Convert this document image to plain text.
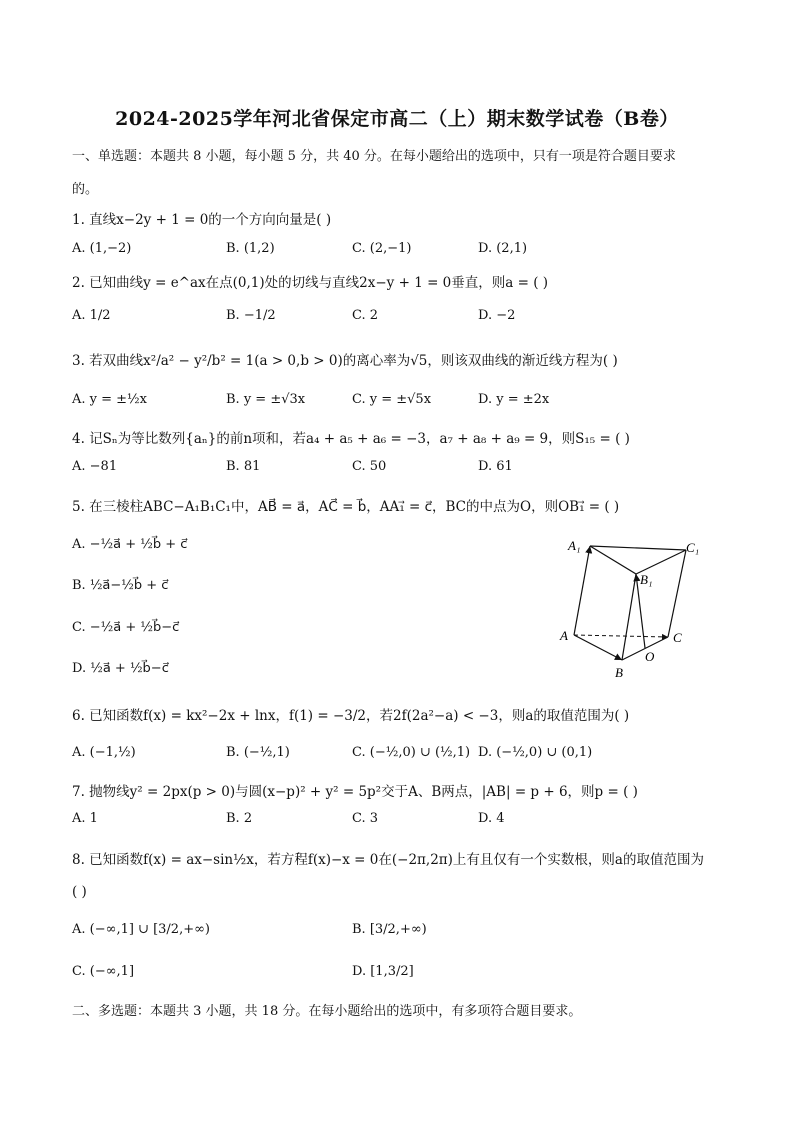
2024-2025学年河北省保定市高二（上）期末数学试卷（B卷）
一、单选题：本题共 8 小题，每小题 5 分，共 40 分。在每小题给出的选项中，只有一项是符合题目要求
的。
1. 直线x−2y + 1 = 0的一个方向向量是( )
A. (1,−2)	B. (1,2)	C. (2,−1)	D. (2,1)
2. 已知曲线y = e^ax在点(0,1)处的切线与直线2x−y + 1 = 0垂直，则a = ( )
A. 1/2	B. −1/2	C. 2	D. −2
3. 若双曲线x²/a² − y²/b² = 1(a > 0,b > 0)的离心率为√5，则该双曲线的渐近线方程为( )
A. y = ±½x	B. y = ±√3x	C. y = ±√5x	D. y = ±2x
4. 记Sₙ为等比数列{aₙ}的前n项和，若a₄ + a₅ + a₆ = −3，a₇ + a₈ + a₉ = 9，则S₁₅ = ( )
A. −81	B. 81	C. 50	D. 61
5. 在三棱柱ABC−A₁B₁C₁中，AB⃗ = a⃗，AC⃗ = b⃗，AA₁⃗ = c⃗，BC的中点为O，则OB₁⃗ = ( )
A. −½a⃗ + ½b⃗ + c⃗
B. ½a⃗−½b⃗ + c⃗
C. −½a⃗ + ½b⃗−c⃗
D. ½a⃗ + ½b⃗−c⃗
A₁	C₁
B₁
A	C
O
B
6. 已知函数f(x) = kx²−2x + lnx，f(1) = −3/2，若2f(2a²−a) < −3，则a的取值范围为( )
A. (−1,½)	B. (−½,1)	C. (−½,0) ∪ (½,1) D. (−½,0) ∪ (0,1)
7. 抛物线y² = 2px(p > 0)与圆(x−p)² + y² = 5p²交于A、B两点，|AB| = p + 6，则p = ( )
A. 1	B. 2	C. 3	D. 4
8. 已知函数f(x) = ax−sin½x，若方程f(x)−x = 0在(−2π,2π)上有且仅有一个实数根，则a的取值范围为
( )
A. (−∞,1] ∪ [3/2,+∞)	B. [3/2,+∞)
C. (−∞,1]	D. [1,3/2]
二、多选题：本题共 3 小题，共 18 分。在每小题给出的选项中，有多项符合题目要求。
